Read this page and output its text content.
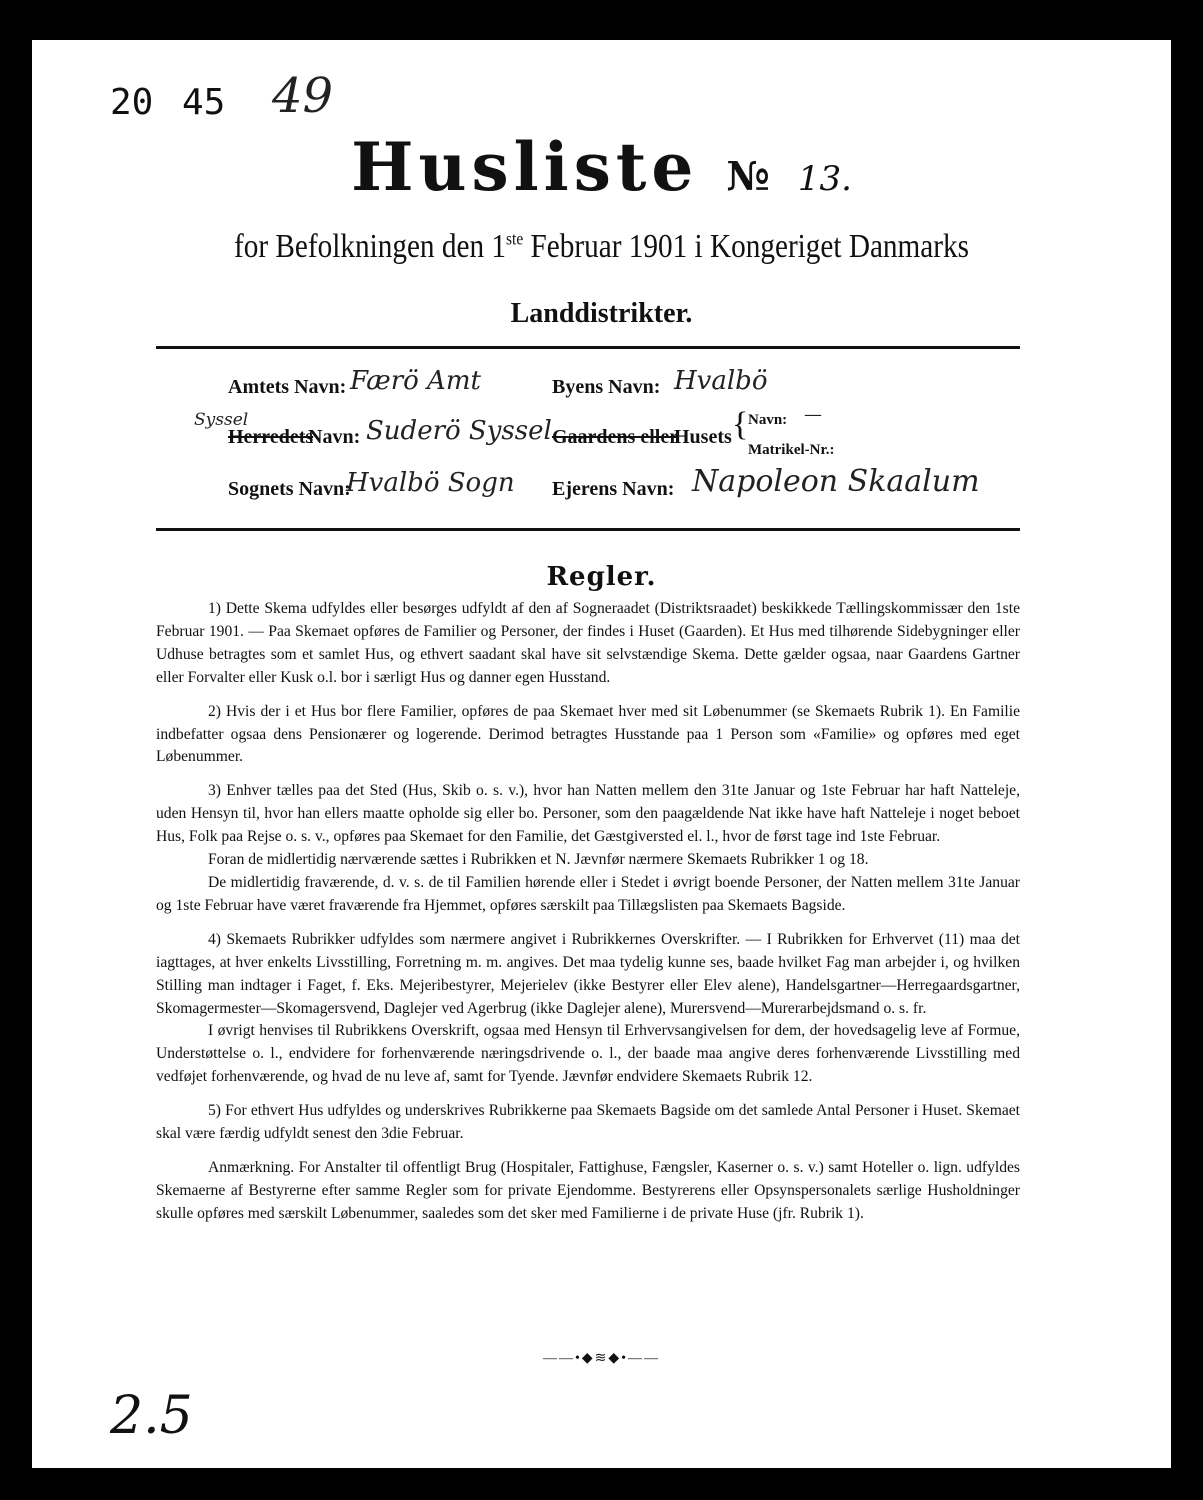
20 45 49
Husliste № 13.
for Befolkningen den 1ste Februar 1901 i Kongeriget Danmarks
Landdistrikter.
Amtets Navn: Færö Amt	Byens Navn: Hvalbö
Syssel
Herredets
Navn: Suderö Syssel Gaardens eller
Husets { Navn: —
Matrikel-Nr.:
Sognets Navn:
Hvalbö Sogn Ejerens Navn: Napoleon Skaalum
Regler.

1) Dette Skema udfyldes eller besørges udfyldt af den af Sogneraadet (Distriktsraadet) beskikkede Tællingskommissær den 1ste Februar 1901. — Paa Skemaet opføres de Familier og Personer, der findes i Huset (Gaarden). Et Hus med tilhørende Sidebygninger eller Udhuse betragtes som et samlet Hus, og ethvert saadant skal have sit selvstændige Skema. Dette gælder ogsaa, naar Gaardens Gartner eller Forvalter eller Kusk o.l. bor i særligt Hus og danner egen Husstand.

2) Hvis der i et Hus bor flere Familier, opføres de paa Skemaet hver med sit Løbenummer (se Skemaets Rubrik 1). En Familie indbefatter ogsaa dens Pensionærer og logerende. Derimod betragtes Husstande paa 1 Person som «Familie» og opføres med eget Løbenummer.

3) Enhver tælles paa det Sted (Hus, Skib o. s. v.), hvor han Natten mellem den 31te Januar og 1ste Februar har haft Natteleje, uden Hensyn til, hvor han ellers maatte opholde sig eller bo. Personer, som den paagældende Nat ikke have haft Natteleje i noget beboet Hus, Folk paa Rejse o. s. v., opføres paa Skemaet for den Familie, det Gæstgiversted el. l., hvor de først tage ind 1ste Februar.

Foran de midlertidig nærværende sættes i Rubrikken et N. Jævnfør nærmere Skemaets Rubrikker 1 og 18.

De midlertidig fraværende, d. v. s. de til Familien hørende eller i Stedet i øvrigt boende Personer, der Natten mellem 31te Januar og 1ste Februar have været fraværende fra Hjemmet, opføres særskilt paa Tillægslisten paa Skemaets Bagside.

4) Skemaets Rubrikker udfyldes som nærmere angivet i Rubrikkernes Overskrifter. — I Rubrikken for Erhvervet (11) maa det iagttages, at hver enkelts Livsstilling, Forretning m. m. angives. Det maa tydelig kunne ses, baade hvilket Fag man arbejder i, og hvilken Stilling man indtager i Faget, f. Eks. Mejeribestyrer, Mejerielev (ikke Bestyrer eller Elev alene), Handelsgartner—Herregaardsgartner, Skomagermester—Skomagersvend, Daglejer ved Agerbrug (ikke Daglejer alene), Murersvend—Murerarbejdsmand o. s. fr.

I øvrigt henvises til Rubrikkens Overskrift, ogsaa med Hensyn til Erhvervsangivelsen for dem, der hovedsagelig leve af Formue, Understøttelse o. l., endvidere for forhenværende næringsdrivende o. l., der baade maa angive deres forhenværende Livsstilling med vedføjet forhenværende, og hvad de nu leve af, samt for Tyende. Jævnfør endvidere Skemaets Rubrik 12.

5) For ethvert Hus udfyldes og underskrives Rubrikkerne paa Skemaets Bagside om det samlede Antal Personer i Huset. Skemaet skal være færdig udfyldt senest den 3die Februar.

Anmærkning. For Anstalter til offentligt Brug (Hospitaler, Fattighuse, Fængsler, Kaserner o. s. v.) samt Hoteller o. lign. udfyldes Skemaerne af Bestyrerne efter samme Regler som for private Ejendomme. Bestyrerens eller Opsynspersonalets særlige Husholdninger skulle opføres med særskilt Løbenummer, saaledes som det sker med Familierne i de private Huse (jfr. Rubrik 1).

——•◆≋◆•——
2.5
